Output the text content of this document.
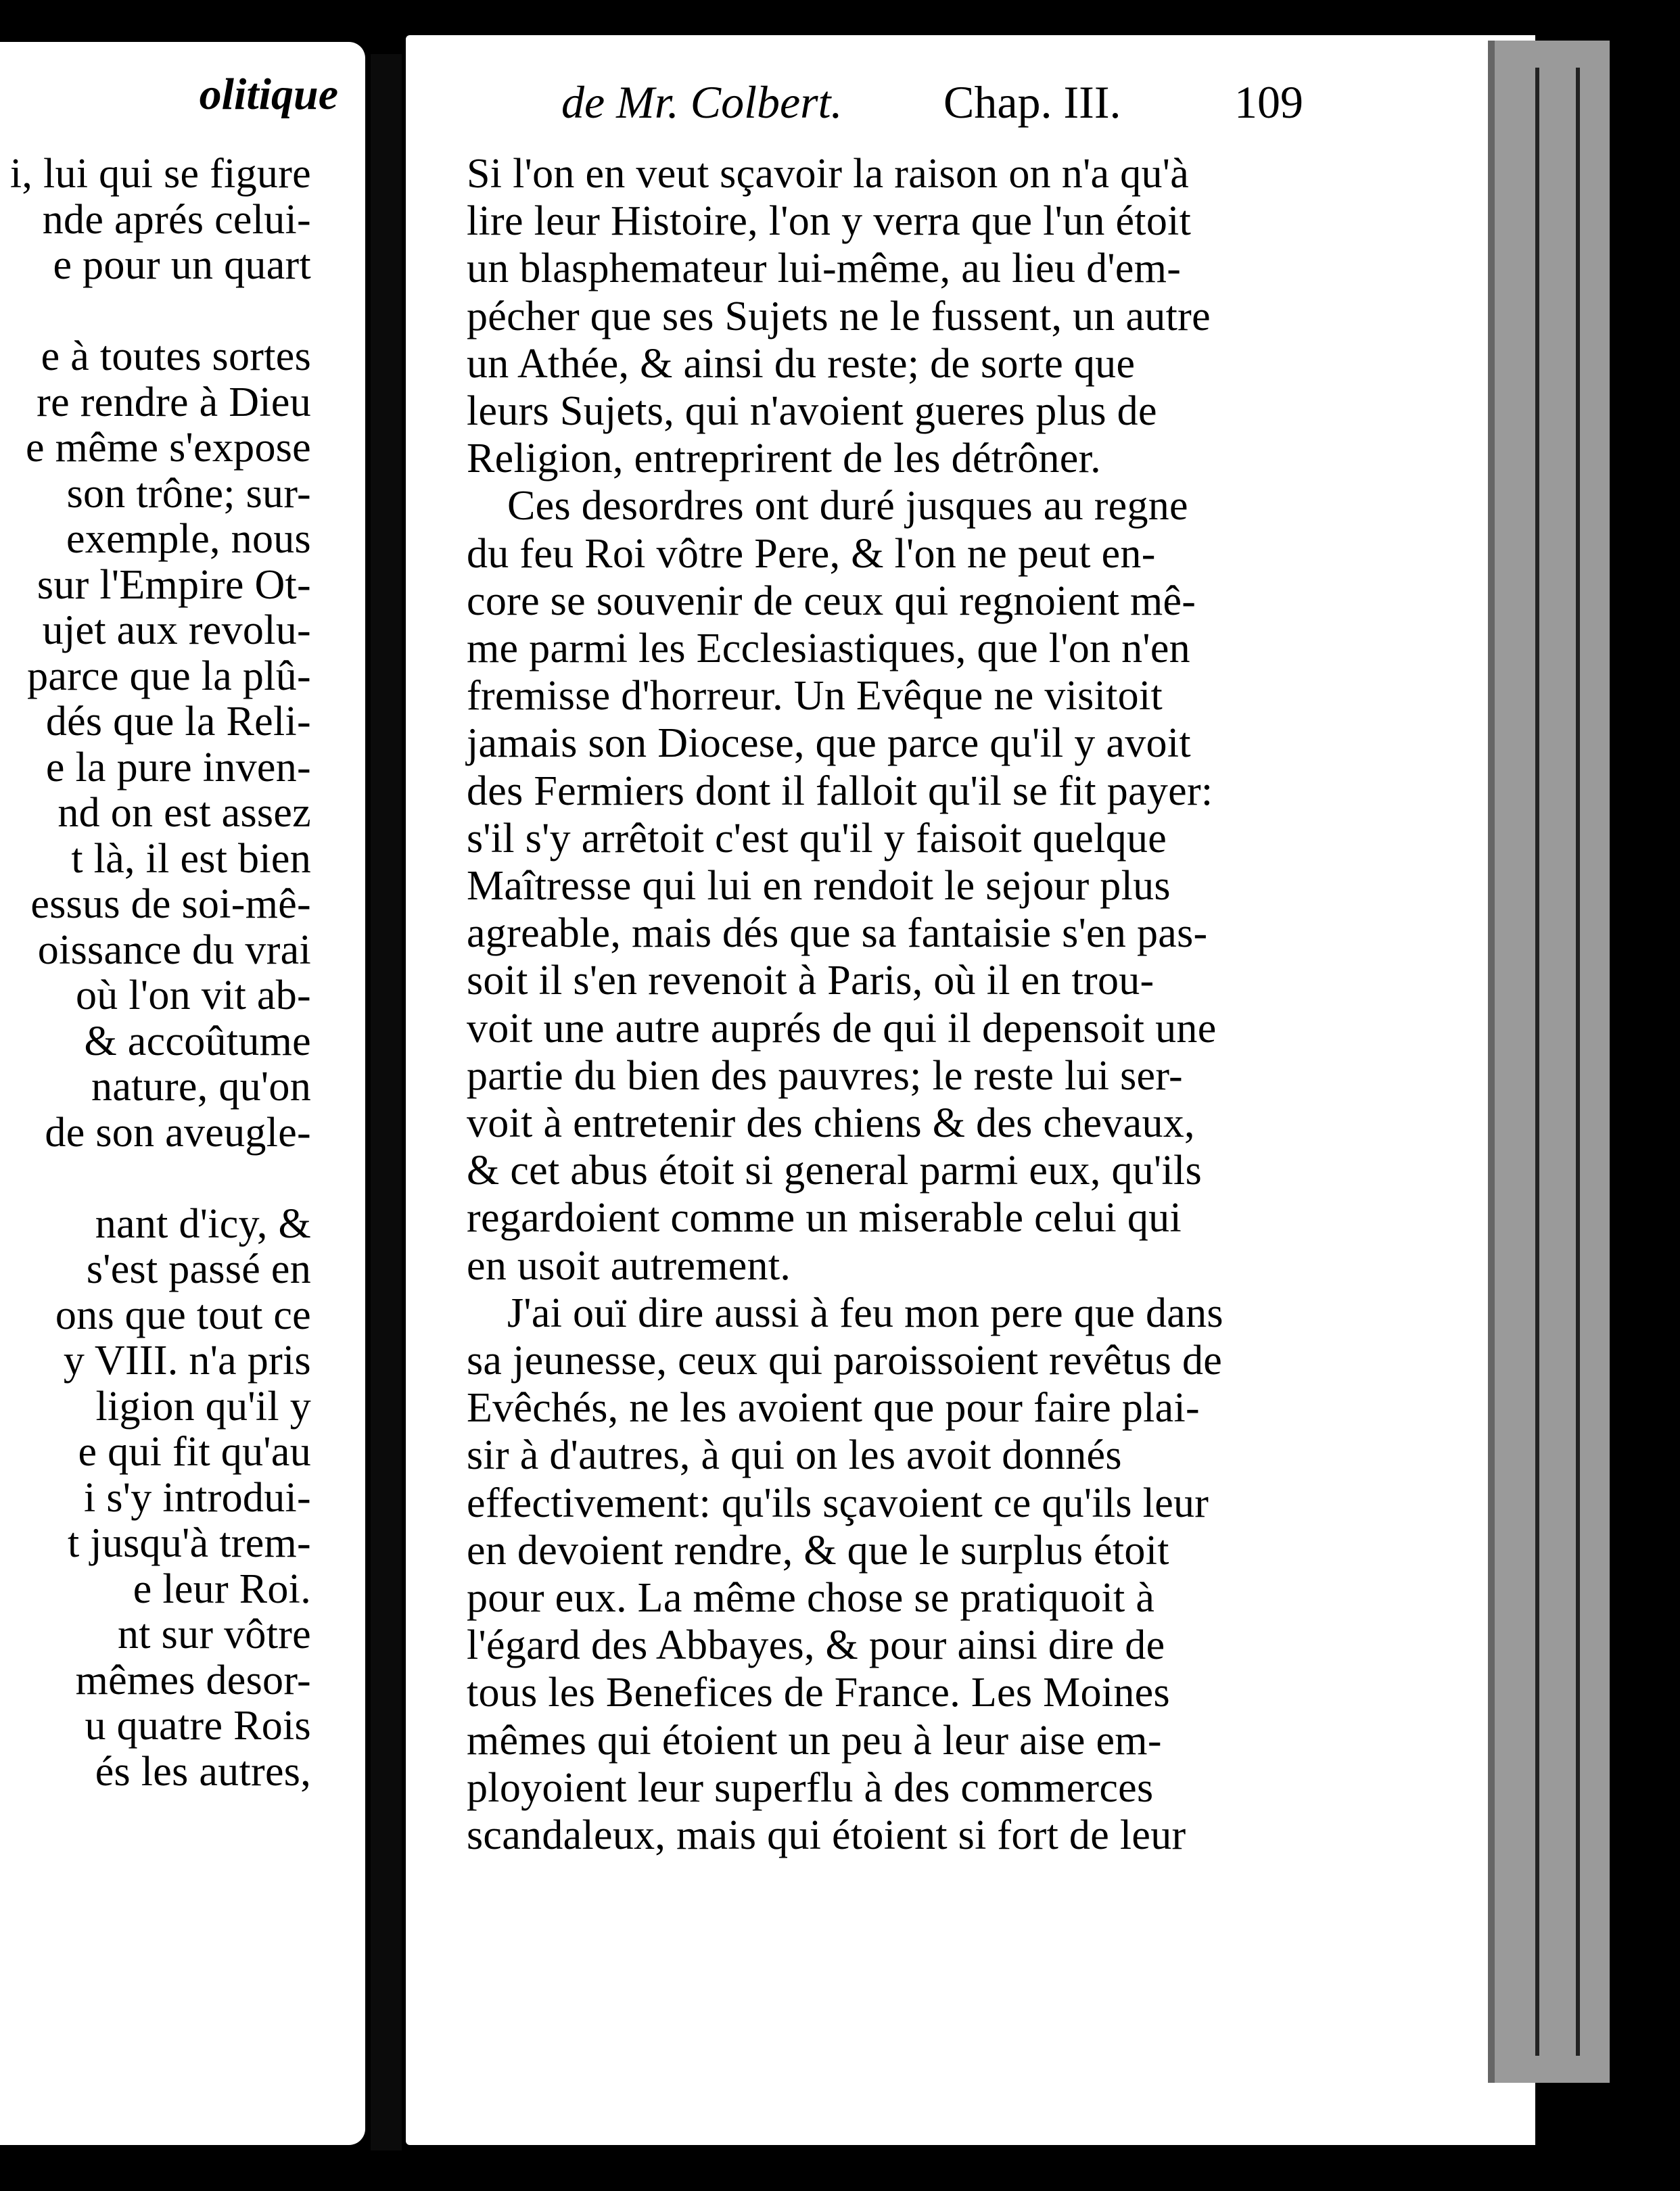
olitique
i, lui qui se figure
nde aprés celui-
e pour un quart
e à toutes sortes
re rendre à Dieu
e même s'expose
son trône; sur-
exemple, nous
sur l'Empire Ot-
ujet aux revolu-
parce que la plû-
dés que la Reli-
e la pure inven-
nd on est assez
t là, il est bien
essus de soi-mê-
oissance du vrai
où l'on vit ab-
& accoûtume
nature, qu'on
de son aveugle-
nant d'icy, &
s'est passé en
ons que tout ce
y VIII. n'a pris
ligion qu'il y
e qui fit qu'au
i s'y introdui-
t jusqu'à trem-
e leur Roi.
nt sur vôtre
mêmes desor-
u quatre Rois
és les autres,
de Mr. Colbert. Chap. III. 109
Si l'on en veut sçavoir la raison on n'a qu'à
lire leur Histoire, l'on y verra que l'un étoit
un blasphemateur lui-même, au lieu d'em-
pécher que ses Sujets ne le fussent, un autre
un Athée, & ainsi du reste; de sorte que
leurs Sujets, qui n'avoient gueres plus de
Religion, entreprirent de les détrôner.
Ces desordres ont duré jusques au regne
du feu Roi vôtre Pere, & l'on ne peut en-
core se souvenir de ceux qui regnoient mê-
me parmi les Ecclesiastiques, que l'on n'en
fremisse d'horreur. Un Evêque ne visitoit
jamais son Diocese, que parce qu'il y avoit
des Fermiers dont il falloit qu'il se fit payer:
s'il s'y arrêtoit c'est qu'il y faisoit quelque
Maîtresse qui lui en rendoit le sejour plus
agreable, mais dés que sa fantaisie s'en pas-
soit il s'en revenoit à Paris, où il en trou-
voit une autre auprés de qui il depensoit une
partie du bien des pauvres; le reste lui ser-
voit à entretenir des chiens & des chevaux,
& cet abus étoit si general parmi eux, qu'ils
regardoient comme un miserable celui qui
en usoit autrement.
J'ai ouï dire aussi à feu mon pere que dans
sa jeunesse, ceux qui paroissoient revêtus de
Evêchés, ne les avoient que pour faire plai-
sir à d'autres, à qui on les avoit donnés
effectivement: qu'ils sçavoient ce qu'ils leur
en devoient rendre, & que le surplus étoit
pour eux. La même chose se pratiquoit à
l'égard des Abbayes, & pour ainsi dire de
tous les Benefices de France. Les Moines
mêmes qui étoient un peu à leur aise em-
ployoient leur superflu à des commerces
scandaleux, mais qui étoient si fort de leur
